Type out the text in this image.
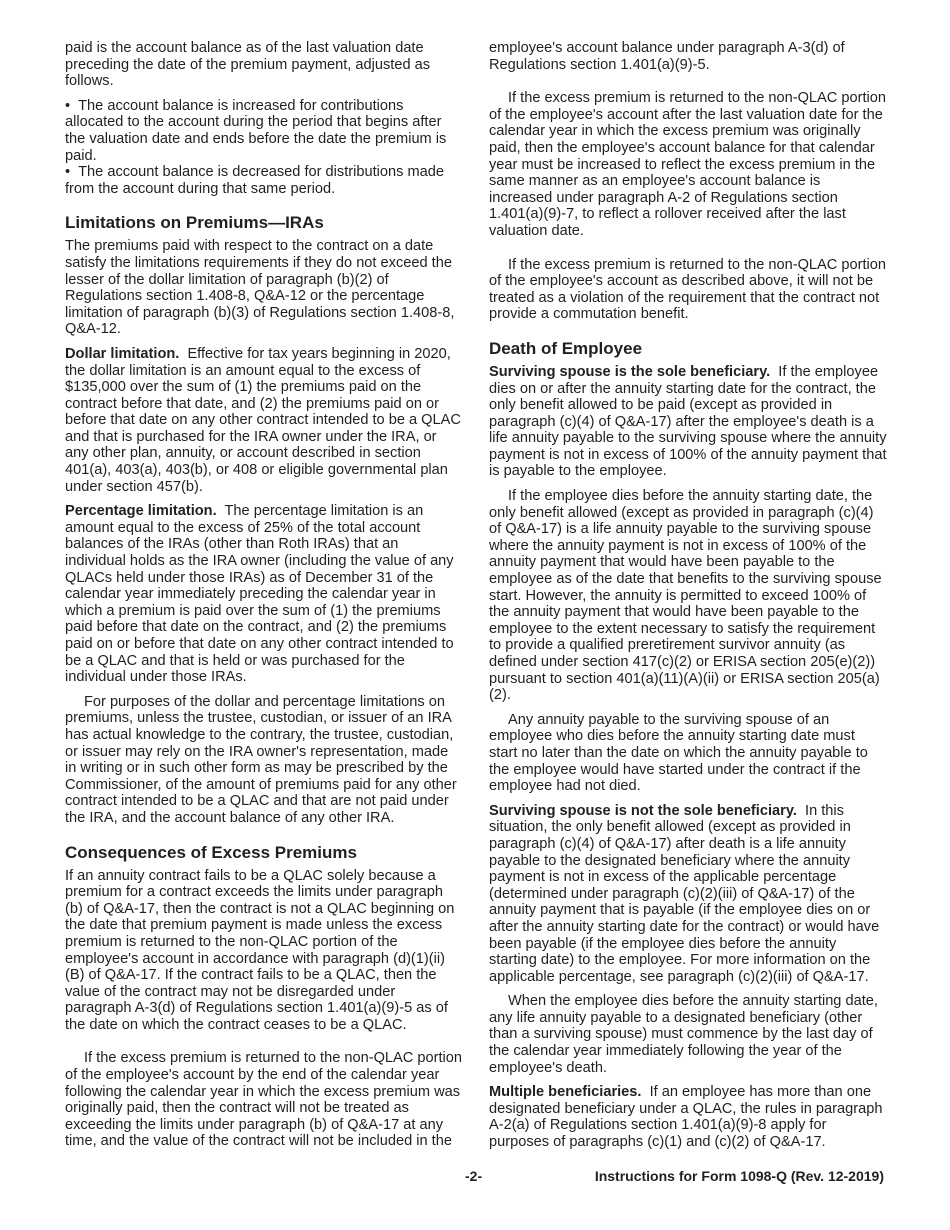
paid is the account balance as of the last valuation date preceding the date of the premium payment, adjusted as follows.

• The account balance is increased for contributions allocated to the account during the period that begins after the valuation date and ends before the date the premium is paid.

• The account balance is decreased for distributions made from the account during that same period.

Limitations on Premiums—IRAs

The premiums paid with respect to the contract on a date satisfy the limitations requirements if they do not exceed the lesser of the dollar limitation of paragraph (b)(2) of Regulations section 1.408-8, Q&A-12 or the percentage limitation of paragraph (b)(3) of Regulations section 1.408-8, Q&A-12.

Dollar limitation. Effective for tax years beginning in 2020, the dollar limitation is an amount equal to the excess of $135,000 over the sum of (1) the premiums paid on the contract before that date, and (2) the premiums paid on or before that date on any other contract intended to be a QLAC and that is purchased for the IRA owner under the IRA, or any other plan, annuity, or account described in section 401(a), 403(a), 403(b), or 408 or eligible governmental plan under section 457(b).

Percentage limitation. The percentage limitation is an amount equal to the excess of 25% of the total account balances of the IRAs (other than Roth IRAs) that an individual holds as the IRA owner (including the value of any QLACs held under those IRAs) as of December 31 of the calendar year immediately preceding the calendar year in which a premium is paid over the sum of (1) the premiums paid before that date on the contract, and (2) the premiums paid on or before that date on any other contract intended to be a QLAC and that is held or was purchased for the individual under those IRAs.

For purposes of the dollar and percentage limitations on premiums, unless the trustee, custodian, or issuer of an IRA has actual knowledge to the contrary, the trustee, custodian, or issuer may rely on the IRA owner's representation, made in writing or in such other form as may be prescribed by the Commissioner, of the amount of premiums paid for any other contract intended to be a QLAC and that are not paid under the IRA, and the account balance of any other IRA.

Consequences of Excess Premiums

If an annuity contract fails to be a QLAC solely because a premium for a contract exceeds the limits under paragraph (b) of Q&A-17, then the contract is not a QLAC beginning on the date that premium payment is made unless the excess premium is returned to the non-QLAC portion of the employee's account in accordance with paragraph (d)(1)(ii)(B) of Q&A-17. If the contract fails to be a QLAC, then the value of the contract may not be disregarded under paragraph A-3(d) of Regulations section 1.401(a)(9)-5 as of the date on which the contract ceases to be a QLAC.

If the excess premium is returned to the non-QLAC portion of the employee's account by the end of the calendar year following the calendar year in which the excess premium was originally paid, then the contract will not be treated as exceeding the limits under paragraph (b) of Q&A-17 at any time, and the value of the contract will not be included in the

employee's account balance under paragraph A-3(d) of Regulations section 1.401(a)(9)-5.

If the excess premium is returned to the non-QLAC portion of the employee's account after the last valuation date for the calendar year in which the excess premium was originally paid, then the employee's account balance for that calendar year must be increased to reflect the excess premium in the same manner as an employee's account balance is increased under paragraph A-2 of Regulations section 1.401(a)(9)-7, to reflect a rollover received after the last valuation date.

If the excess premium is returned to the non-QLAC portion of the employee's account as described above, it will not be treated as a violation of the requirement that the contract not provide a commutation benefit.

Death of Employee

Surviving spouse is the sole beneficiary. If the employee dies on or after the annuity starting date for the contract, the only benefit allowed to be paid (except as provided in paragraph (c)(4) of Q&A-17) after the employee's death is a life annuity payable to the surviving spouse where the annuity payment is not in excess of 100% of the annuity payment that is payable to the employee.

If the employee dies before the annuity starting date, the only benefit allowed (except as provided in paragraph (c)(4) of Q&A-17) is a life annuity payable to the surviving spouse where the annuity payment is not in excess of 100% of the annuity payment that would have been payable to the employee as of the date that benefits to the surviving spouse start. However, the annuity is permitted to exceed 100% of the annuity payment that would have been payable to the employee to the extent necessary to satisfy the requirement to provide a qualified preretirement survivor annuity (as defined under section 417(c)(2) or ERISA section 205(e)(2)) pursuant to section 401(a)(11)(A)(ii) or ERISA section 205(a)(2).

Any annuity payable to the surviving spouse of an employee who dies before the annuity starting date must start no later than the date on which the annuity payable to the employee would have started under the contract if the employee had not died.

Surviving spouse is not the sole beneficiary. In this situation, the only benefit allowed (except as provided in paragraph (c)(4) of Q&A-17) after death is a life annuity payable to the designated beneficiary where the annuity payment is not in excess of the applicable percentage (determined under paragraph (c)(2)(iii) of Q&A-17) of the annuity payment that is payable (if the employee dies on or after the annuity starting date for the contract) or would have been payable (if the employee dies before the annuity starting date) to the employee. For more information on the applicable percentage, see paragraph (c)(2)(iii) of Q&A-17.

When the employee dies before the annuity starting date, any life annuity payable to a designated beneficiary (other than a surviving spouse) must commence by the last day of the calendar year immediately following the year of the employee's death.

Multiple beneficiaries. If an employee has more than one designated beneficiary under a QLAC, the rules in paragraph A-2(a) of Regulations section 1.401(a)(9)-8 apply for purposes of paragraphs (c)(1) and (c)(2) of Q&A-17.

-2-	Instructions for Form 1098-Q (Rev. 12-2019)
